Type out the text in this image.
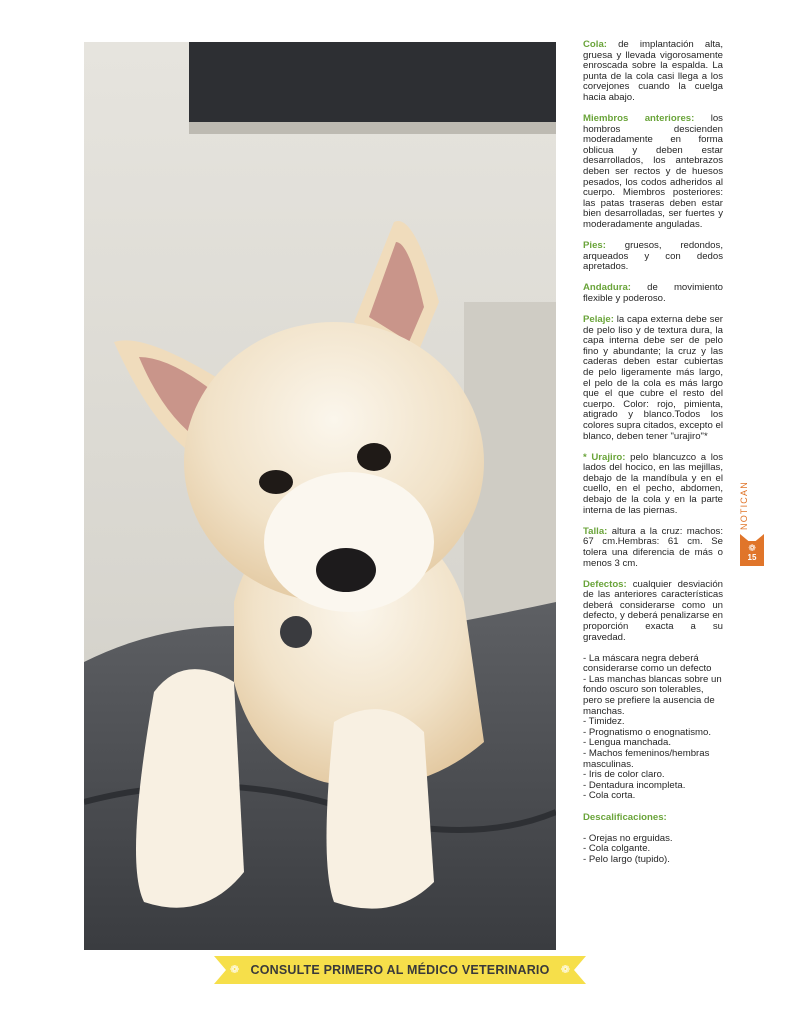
Cola: de implantación alta, gruesa y llevada vigorosamente enroscada sobre la espalda. La punta de la cola casi llega a los corvejones cuando la cuelga hacia abajo.

Miembros anteriores: los hombros descienden moderadamente en forma oblicua y deben estar desarrollados, los antebrazos deben ser rectos y de huesos pesados, los codos adheridos al cuerpo. Miembros posteriores: las patas traseras deben estar bien desarrolladas, ser fuertes y moderadamente anguladas.

Pies: gruesos, redondos, arqueados y con dedos apretados.

Andadura: de movimiento flexible y poderoso.

Pelaje: la capa externa debe ser de pelo liso y de textura dura, la capa interna debe ser de pelo fino y abundante; la cruz y las caderas deben estar cubiertas de pelo ligeramente más largo, el pelo de la cola es más largo que el que cubre el resto del cuerpo. Color: rojo, pimienta, atigrado y blanco.Todos los colores supra citados, excepto el blanco, deben tener "urajiro"*

* Urajiro: pelo blancuzco a los lados del hocico, en las mejillas, debajo de la mandíbula y en el cuello, en el pecho, abdomen, debajo de la cola y en la parte interna de las piernas.

Talla: altura a la cruz: machos: 67 cm.Hembras: 61 cm. Se tolera una diferencia de más o menos 3 cm.

Defectos: cualquier desviación de las anteriores características deberá considerarse como un defecto, y deberá penalizarse en proporción exacta a su gravedad.

- La máscara negra deberá considerarse como un defecto
- Las manchas blancas sobre un fondo oscuro son tolerables, pero se prefiere la ausencia de manchas.
- Timidez.
- Prognatismo o enognatismo.
- Lengua manchada.
- Machos femeninos/hembras masculinas.
- Iris de color claro.
- Dentadura incompleta.
- Cola corta.

Descalificaciones:

- Orejas no erguidas.
- Cola colgante.
- Pelo largo (tupido).
NOTICAN
❁
15
❁ CONSULTE PRIMERO AL MÉDICO VETERINARIO	❁
